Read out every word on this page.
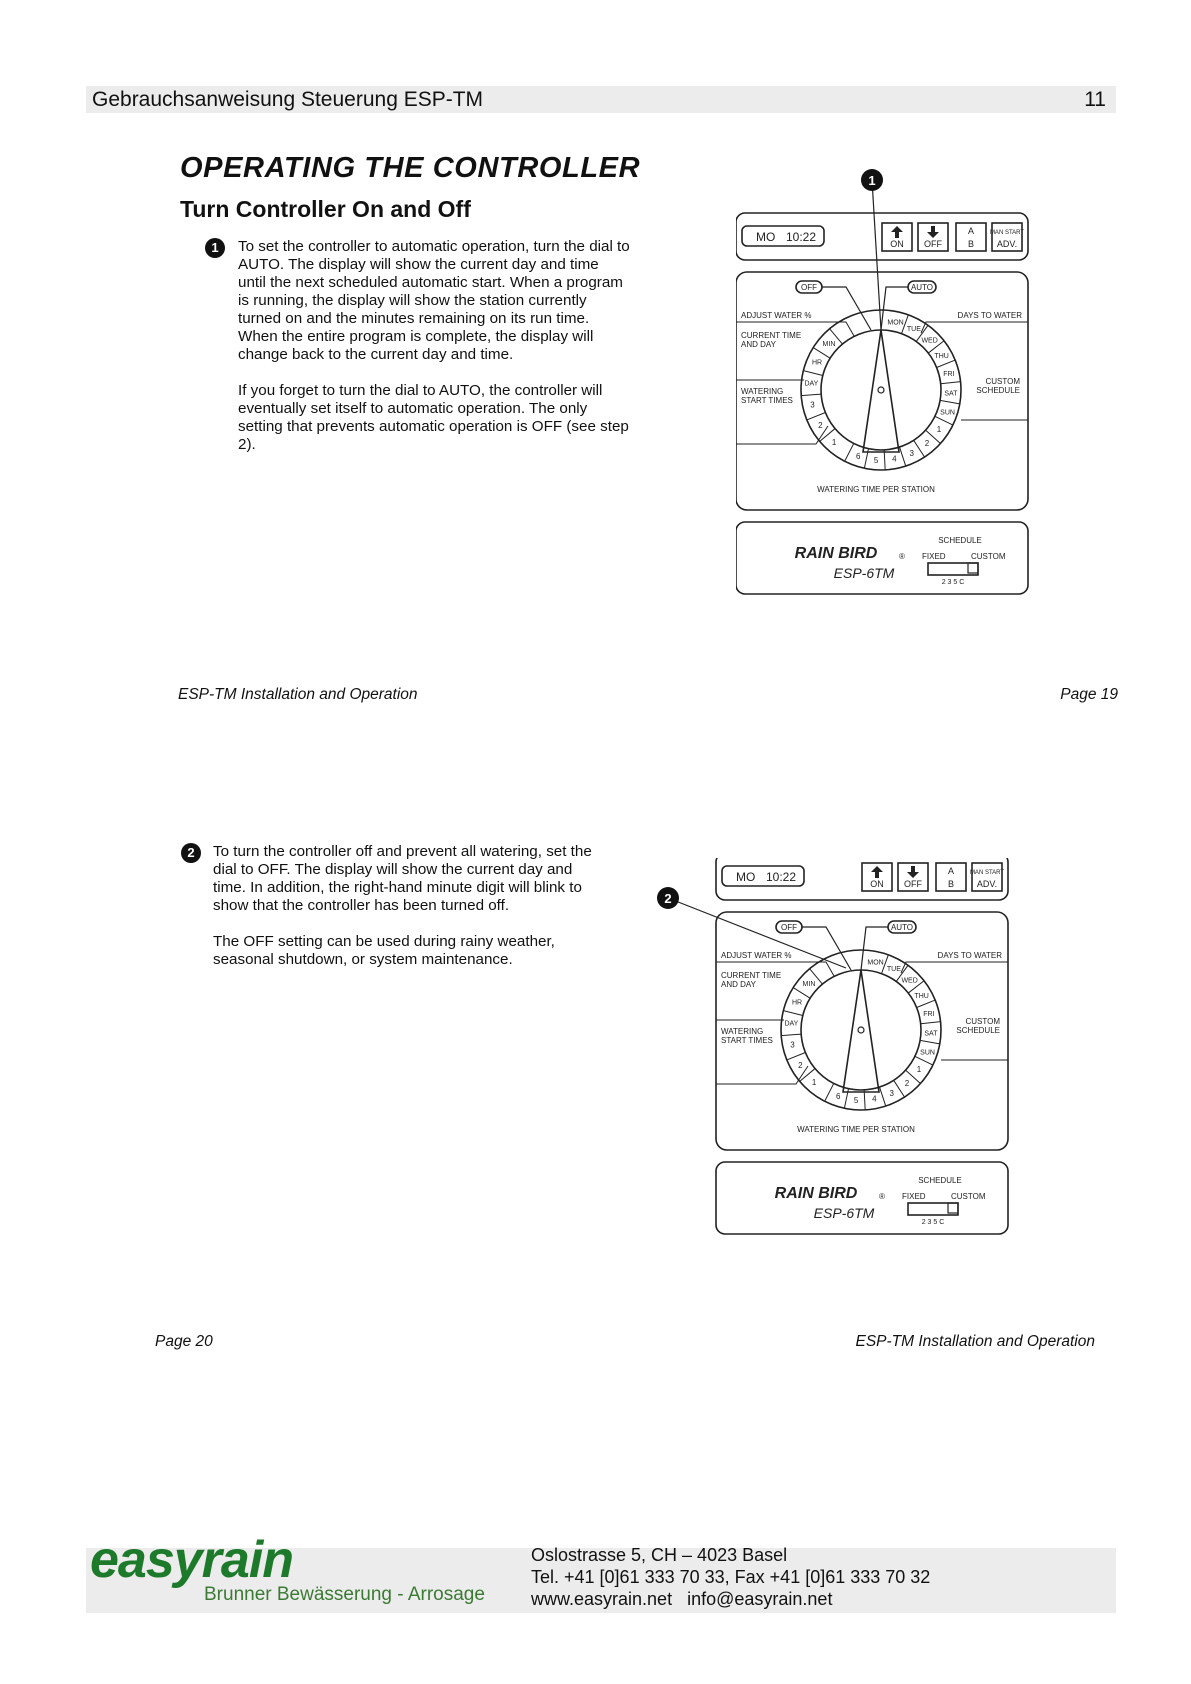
Gebrauchsanweisung Steuerung ESP-TM	11
OPERATING THE CONTROLLER
Turn Controller On and Off
1	To set the controller to automatic operation, turn the dial to AUTO. The display will show the current day and time until the next scheduled automatic start. When a program is running, the display will show the station currently turned on and the minutes remaining on its run time. When the entire program is complete, the display will change back to the current day and time.

If you forget to turn the dial to AUTO, the controller will eventually set itself to automatic operation. The only setting that prevents automatic operation is OFF (see step 2).

MO 10:22	ON OFF
A
B
MAN START
ADV.
MON
TUE
WED
THU
FRI
SAT
SUN
1
2
3
4
5
6
1
2
3
DAY
HR
MIN
OFF	AUTO
ADJUST WATER %
CURRENT TIME
AND DAY
WATERING
START TIMES
DAYS TO WATER
CUSTOM
SCHEDULE
WATERING TIME PER STATION
RAIN BIRD	®
ESP-6TM
SCHEDULE
FIXED	CUSTOM
2 3 5 C
1
ESP-TM Installation and Operation	Page 19
2	To turn the controller off and prevent all watering, set the dial to OFF. The display will show the current day and time. In addition, the right-hand minute digit will blink to show that the controller has been turned off.

The OFF setting can be used during rainy weather, seasonal shutdown, or system maintenance.

MO 10:22	ON OFF
A
B
MAN START
ADV.
MON
TUE
WED
THU
FRI
SAT
SUN
1
2
3
4
5
6
1
2
3
DAY
HR
MIN
OFF	AUTO
ADJUST WATER %
CURRENT TIME
AND DAY
WATERING
START TIMES
DAYS TO WATER
CUSTOM
SCHEDULE
WATERING TIME PER STATION
RAIN BIRD	®
ESP-6TM
SCHEDULE
FIXED	CUSTOM
2 3 5 C
2
Page 20	ESP-TM Installation and Operation
easyrain
Brunner Bewässerung - Arrosage
Oslostrasse 5, CH – 4023 Basel
Tel. +41 [0]61 333 70 33, Fax +41 [0]61 333 70 32
www.easyrain.net info@easyrain.net
